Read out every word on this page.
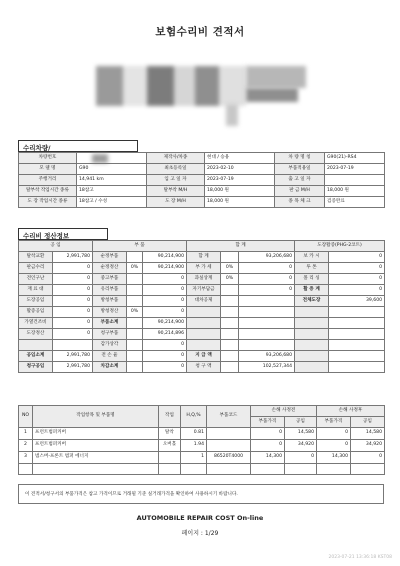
보험수리비 견적서
수리차량/
차량번호		제작사/차종	현대 / 승용	차 량 명 칭	G90(21)-RS4
모 델 명	G90	최초등록일	2023-02-10	부품적용일	2023-07-19
주행거리	14,941 km	입 고 일 자	2023-07-19	출 고 일 자	
탈부착 작업시간 종류	18참고	탈부착 M/H	18,000 원	판 금 M/H	18,000 원
도 장 작업시간 종류	18참고 / 수성	도 장 M/H	18,000 원	종 목 체 크	검증완료
수리비 정산정보
공 임		부 품			합 계			도장활증(PHG-2코트)	
탈착교환	2,991,780	순정부품		90,214,900	합 계		93,206,680	보 카 시	0
판금수리	0	순정정산	0%	90,214,900	부 가 세	0%	0	투 톤	0
견인구난	0	중고부품		0	과실상계	0%	0	폴 리 싱	0
재 료 대	0	유리부품		0	자기부담금		0	활 증 계	0
도장공임	0	방청부품		0	대차공제			전체도장	39,600
활증공임	0	방청정산	0%	0					
가열건조비	0	부품소계		90,214,900					
도장정산	0	청구부품		90,214,896					
		감가상각		0					
공임소계	2,991,780	전 손 율		0	지 급 액		93,206,680		
청구공임	2,991,780	차감소계		0	청 구 액		102,527,344		
NO	작업항목 및 부품명	작업	H,Q,%	부품코드	손해 사정전		손해 사정후	
					부품가격	공임	부품가격	공임
1	프런트범퍼커버	탈착	0.81		0	14,580	0	14,580
2	프런트범퍼커버	오버홀	1.94		0	34,920	0	34,920
3	범스버-프론트 범퍼 에너지		1	86520T4000	14,300	0	14,300	0

이 견적서/청구서의 부품가격은 참고 가격이므로 거래될 기준 실거래가격을 확인하여 사용하시기 바랍니다.
AUTOMOBILE REPAIR COST On-line
페이지 : 1/29
2023-07-21 13:36:18 KST08
